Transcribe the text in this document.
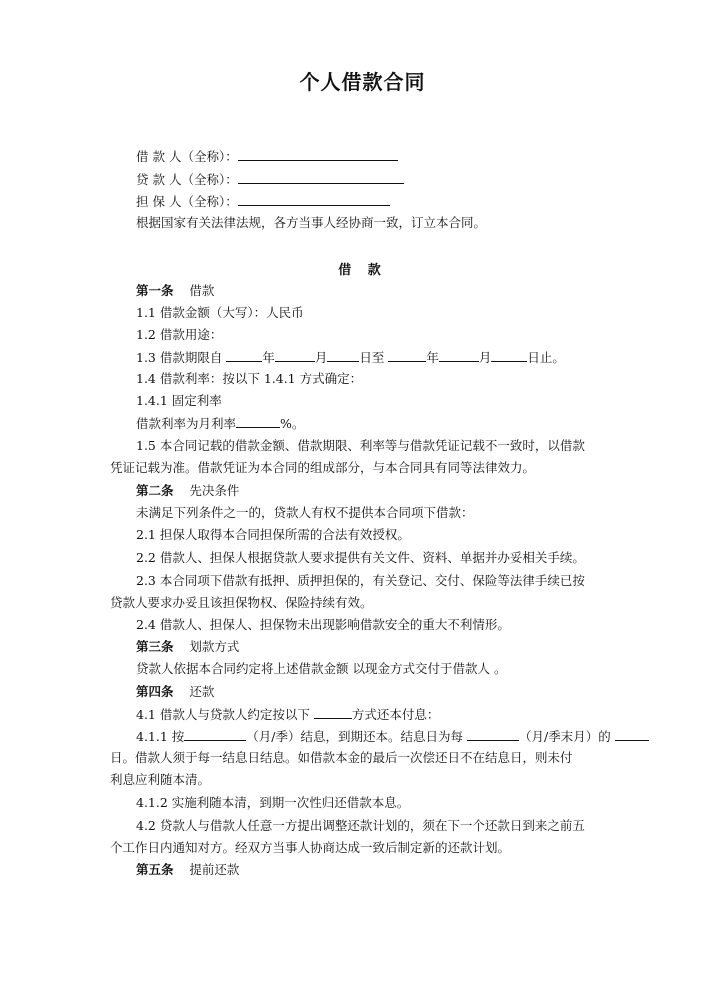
个人借款合同
借 款 人（全称）：
贷 款 人（全称）：
担 保 人（全称）：
根据国家有关法律法规，各方当事人经协商一致，订立本合同。
借 款
第一条 借款
1.1 借款金额（大写）：人民币
1.2 借款用途：
1.3 借款期限自	年	月	日至	年	月	日止。
1.4 借款利率：按以下 1.4.1 方式确定：
1.4.1 固定利率
借款利率为月利率	%。
1.5 本合同记载的借款金额、借款期限、利率等与借款凭证记载不一致时，以借款
凭证记载为准。借款凭证为本合同的组成部分，与本合同具有同等法律效力。
第二条 先决条件
未满足下列条件之一的，贷款人有权不提供本合同项下借款：
2.1 担保人取得本合同担保所需的合法有效授权。
2.2 借款人、担保人根据贷款人要求提供有关文件、资料、单据并办妥相关手续。
2.3 本合同项下借款有抵押、质押担保的，有关登记、交付、保险等法律手续已按
贷款人要求办妥且该担保物权、保险持续有效。
2.4 借款人、担保人、担保物未出现影响借款安全的重大不利情形。
第三条 划款方式
贷款人依据本合同约定将上述借款金额 以现金方式交付于借款人 。
第四条 还款
4.1 借款人与贷款人约定按以下	方式还本付息：
4.1.1 按	（月/季）结息，到期还本。结息日为每	（月/季末月）的
日。借款人须于每一结息日结息。如借款本金的最后一次偿还日不在结息日，则未付
利息应利随本清。
4.1.2 实施利随本清，到期一次性归还借款本息。
4.2 贷款人与借款人任意一方提出调整还款计划的，须在下一个还款日到来之前五
个工作日内通知对方。经双方当事人协商达成一致后制定新的还款计划。
第五条 提前还款
